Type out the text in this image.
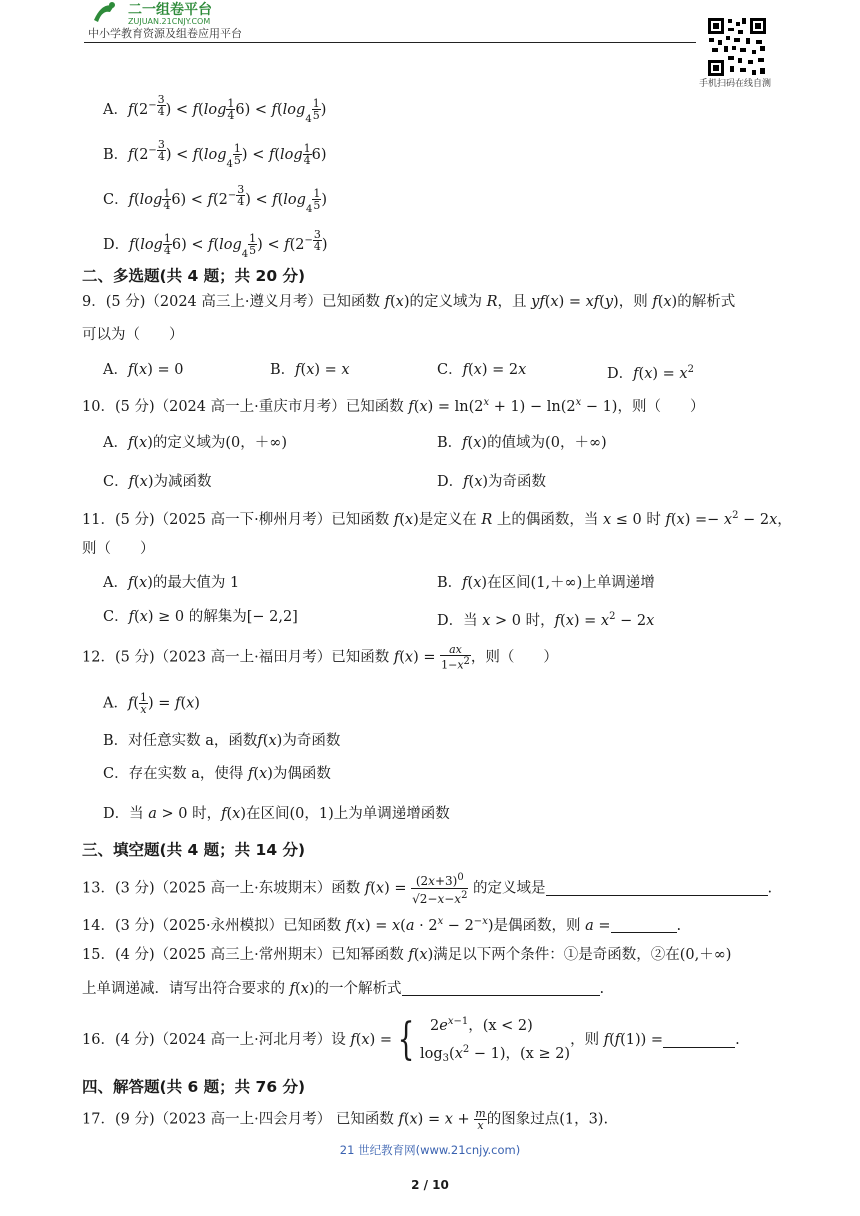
二一组卷平台
ZUJUAN.21CNJY.COM
中小学教育资源及组卷应用平台
手机扫码在线自测
A．$f(2^{- \frac{3}{4}}$ ) < $f(\log \frac{1}{4} 6) < f(\log_4 \frac{1}{5}$ )
B．$f(2^{- \frac{3}{4}}$ ) < $f(\log_4 \frac{1}{5}$ ) < $f(\log \frac{1}{4} 6)$
C．$f(\log \frac{1}{4} 6) < f(2^{- \frac{3}{4}}$ ) < $f(\log_4 \frac{1}{5}$ )
D．$f(\log \frac{1}{4} 6) < f(\log_4 \frac{1}{5}$ ) < $f(2^{- \frac{3}{4}}$ )
二、多选题(共 4 题；共 20 分)
9．(5 分)（2024 高三上·遵义月考）已知函数 f(x)的定义域为 R，且 yf(x) = xf(y)，则 f(x)的解析式
可以为（　　）
A．f(x) = 0	B．f(x) = x	C．f(x) = 2x	D．$f(x) = x^2$
10．(5 分)（2024 高一上·重庆市月考）已知函数 $f(x) = \ln(2^x + 1) - \ln(2^x - 1)$，则（　　）
A．f(x)的定义域为(0，＋∞)	B．f(x)的值域为(0，＋∞)
C．f(x)为减函数	D．f(x)为奇函数
11．(5 分)（2025 高一下·柳州月考）已知函数 f(x)是定义在 R 上的偶函数，当 x ≤ 0 时 $f(x) =- x^2 - 2x$，
则（　　）
A．f(x)的最大值为 1	B．f(x)在区间(1,＋∞)上单调递增
C．f(x) ≥ 0 的解集为[− 2,2]	D．当 x > 0 时，$f(x) = x^2 - 2x$
12．(5 分)（2023 高一上·福田月考）已知函数 $f(x) = \frac{ax}{1-x^2}$ ，则（　　）
A．$f( \frac{1}{x}$ ) = f(x)
B．对任意实数 a，函数f(x)为奇函数
C．存在实数 a，使得 f(x)为偶函数
D．当 a > 0 时，f(x)在区间(0，1)上为单调递增函数
三、填空题(共 4 题；共 14 分)
13．(3 分)（2025 高一上·东坡期末）函数 $f(x) = \frac{(2x+3)^0}{√2-x-x^2}$ 的定义域是	.
14．(3 分)（2025·永州模拟）已知函数 $f(x) = x(a \cdot 2^x - 2^{-x})$是偶函数，则 a =	.
15．(4 分)（2025 高三上·常州期末）已知幂函数 f(x)满足以下两个条件：①是奇函数，②在(0,＋∞)
上单调递减．请写出符合要求的 f(x)的一个解析式	.
16．(4 分)（2024 高一上·河北月考）设
f ( x ) = {	$2e^{x-1}$，(x < 2)
$\log_3(x^2 - 1)$，(x ≥ 2)
，则
f ( f (1)) =	.
四、解答题(共 6 题；共 76 分)
17．(9 分)（2023 高一上·四会月考） 已知函数 $f(x) = x + \frac{m}{x}$ 的图象过点(1，3).
21 世纪教育网(www.21cnjy.com)
2 / 10
